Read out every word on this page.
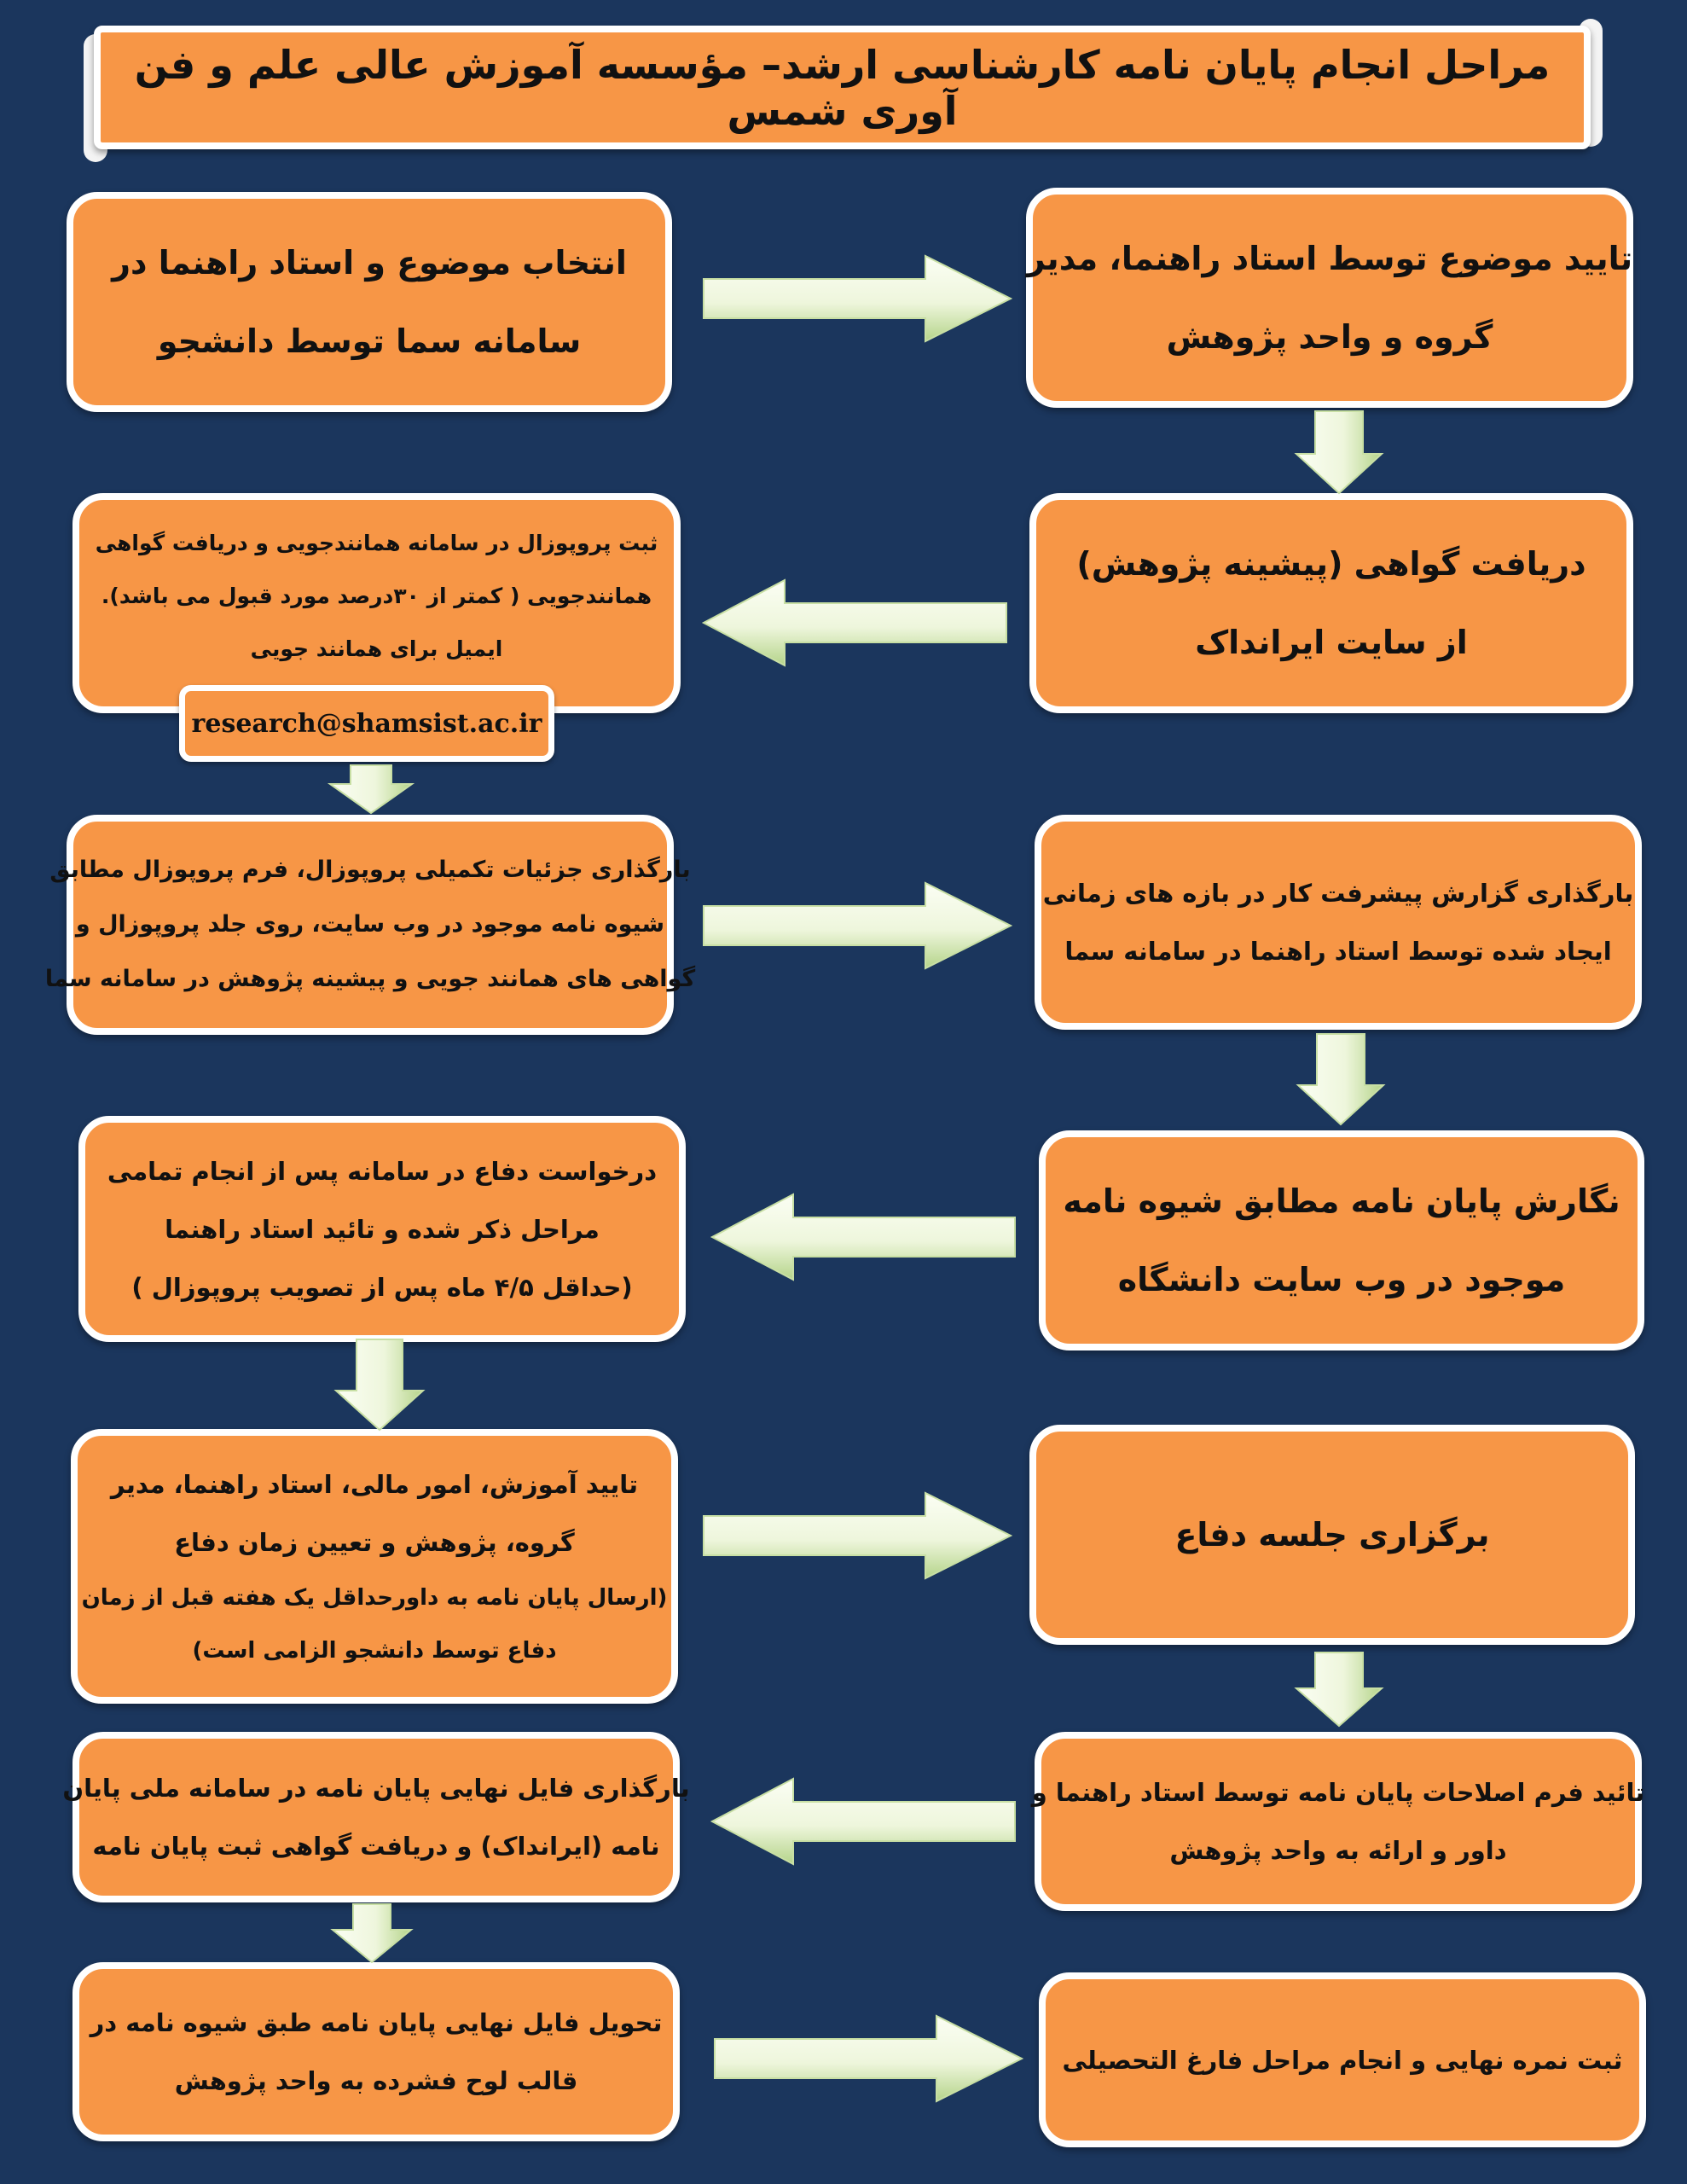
مراحل انجام پایان نامه کارشناسی ارشد– مؤسسه آموزش عالی علم و فن آوری شمس
انتخاب موضوع و استاد راهنما در
سامانه سما توسط دانشجو
تایید موضوع توسط استاد راهنما، مدیر
گروه و واحد پژوهش
دریافت گواهی (پیشینه پژوهش)
از سایت ایرانداک
ثبت پروپوزال در سامانه همانندجویی و دریافت گواهی
همانندجویی ( کمتر از ۳۰درصد مورد قبول می باشد).
ایمیل برای همانند جویی
research@shamsist.ac.ir
بارگذاری جزئیات تکمیلی پروپوزال، فرم پروپوزال مطابق
شیوه نامه موجود در وب سایت، روی جلد پروپوزال و
گواهی های همانند جویی و پیشینه پژوهش در سامانه سما
بارگذاری گزارش پیشرفت کار در بازه های زمانی
ایجاد شده توسط استاد راهنما در سامانه سما
نگارش پایان نامه مطابق شیوه نامه
موجود در وب سایت دانشگاه
درخواست دفاع در سامانه پس از انجام تمامی
مراحل ذکر شده و تائید استاد راهنما
(حداقل ۴/۵ ماه پس از تصویب پروپوزال )
تایید آموزش، امور مالی، استاد راهنما، مدیر
گروه، پژوهش و تعیین زمان دفاع
(ارسال پایان نامه به داورحداقل یک هفته قبل از زمان
دفاع توسط دانشجو الزامی است)
برگزاری جلسه دفاع
تائید فرم اصلاحات پایان نامه توسط استاد راهنما و
داور و ارائه به واحد پژوهش
بارگذاری فایل نهایی پایان نامه در سامانه ملی پایان
نامه (ایرانداک) و دریافت گواهی ثبت پایان نامه
تحویل فایل نهایی پایان نامه طبق شیوه نامه در
قالب لوح فشرده به واحد پژوهش
ثبت نمره نهایی و انجام مراحل فارغ التحصیلی
